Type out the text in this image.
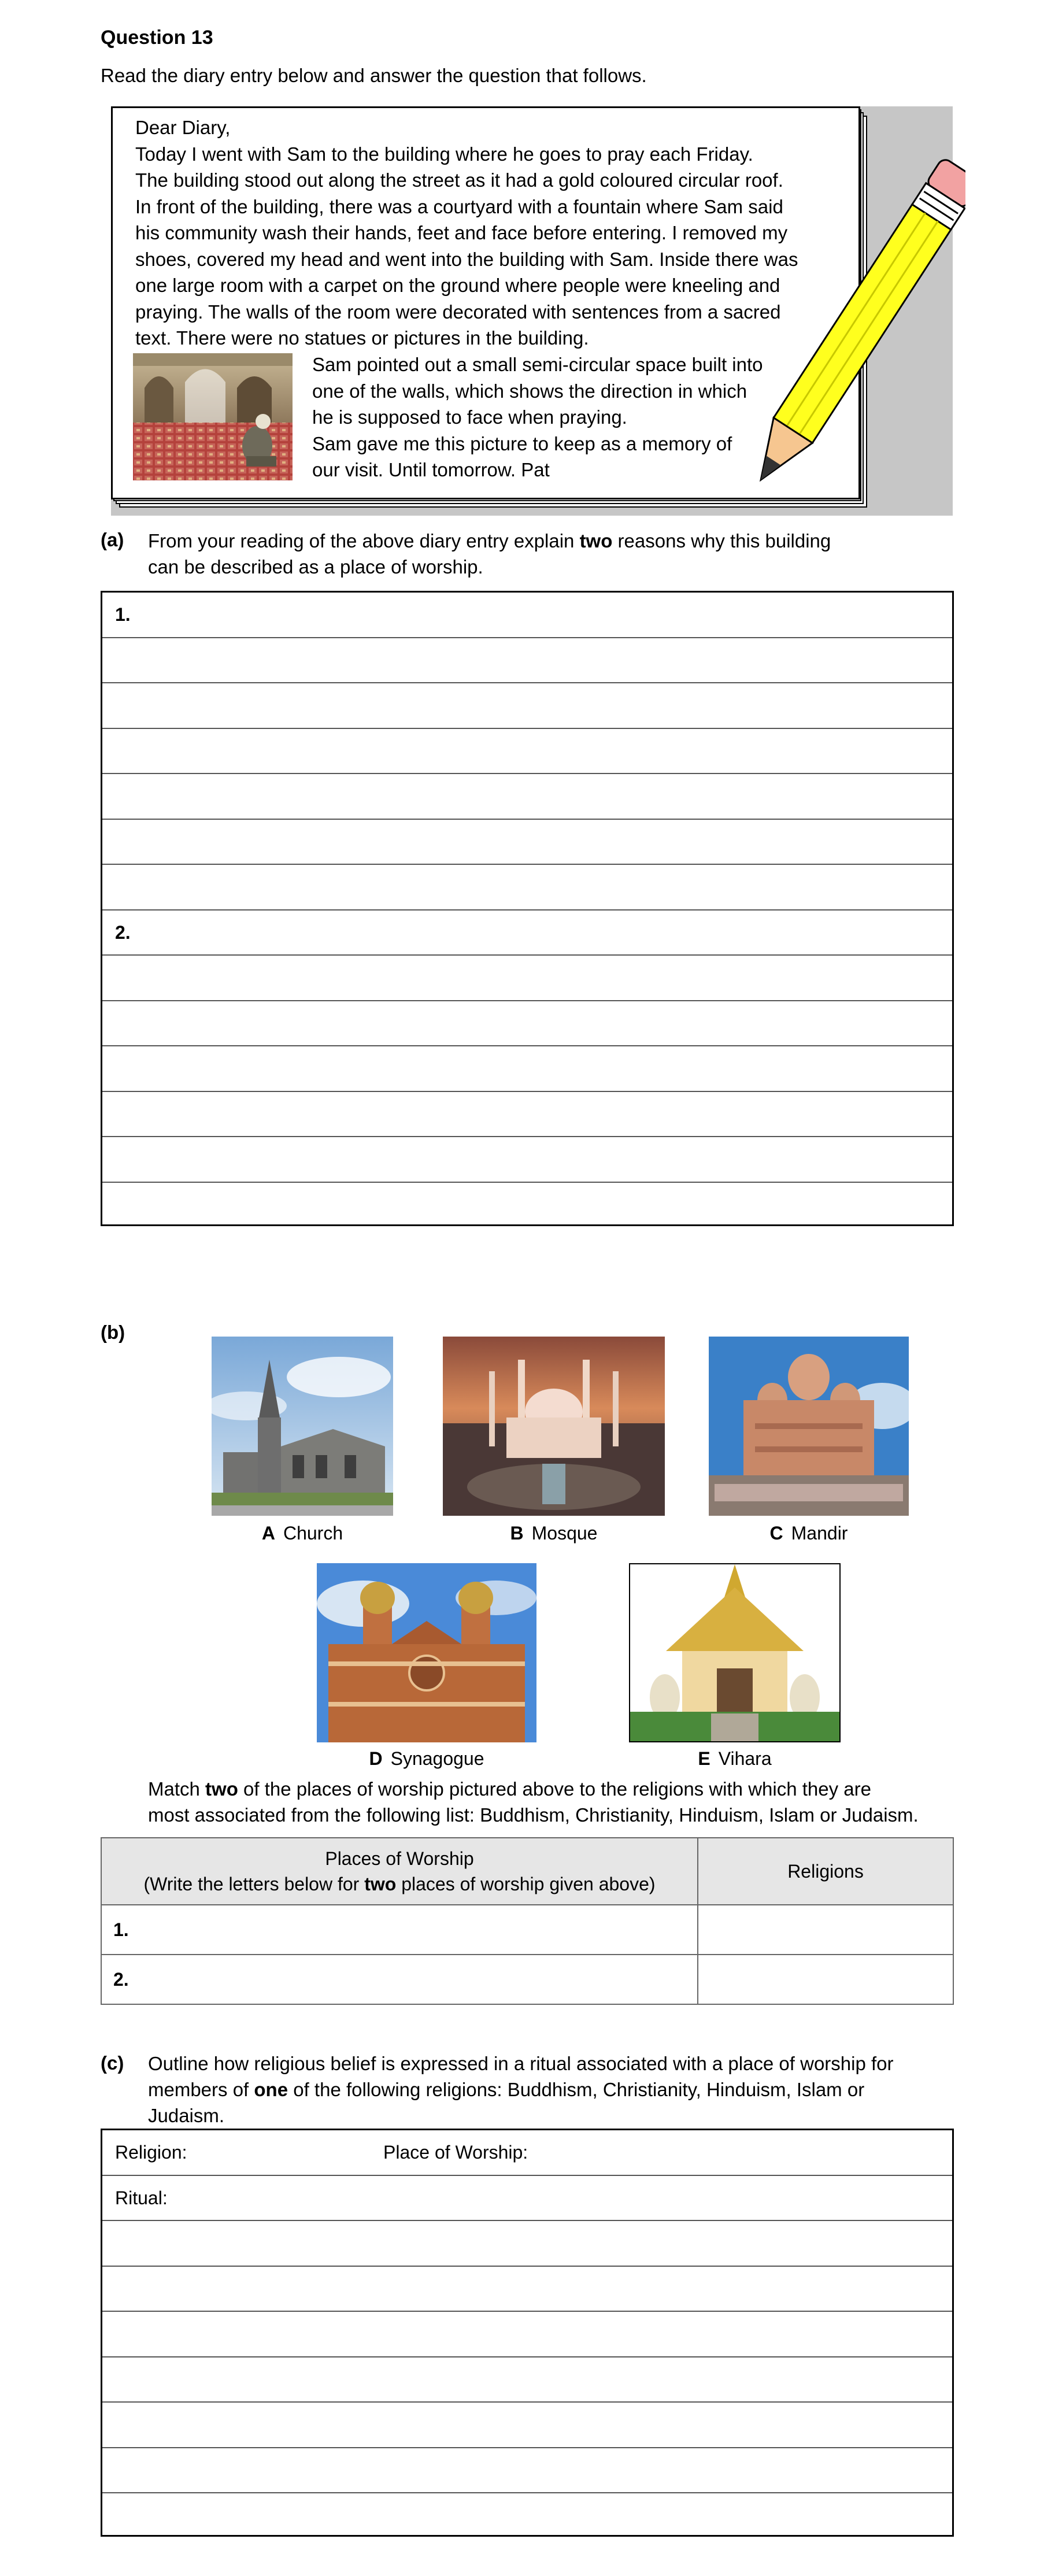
Question 13
Read the diary entry below and answer the question that follows.
Dear Diary,
Today I went with Sam to the building where he goes to pray each Friday.
The building stood out along the street as it had a gold coloured circular roof.
In front of the building, there was a courtyard with a fountain where Sam said
his community wash their hands, feet and face before entering. I removed my
shoes, covered my head and went into the building with Sam. Inside there was
one large room with a carpet on the ground where people were kneeling and
praying. The walls of the room were decorated with sentences from a sacred
text. There were no statues or pictures in the building.
Sam pointed out a small semi-circular space built into
one of the walls, which shows the direction in which
he is supposed to face when praying.
Sam gave me this picture to keep as a memory of
our visit. Until tomorrow. Pat
(a) From your reading of the above diary entry explain two reasons why this building
can be described as a place of worship.
1.
2.
(b)
A Church	B Mosque	C Mandir
D Synagogue	E Vihara
Match two of the places of worship pictured above to the religions with which they are
most associated from the following list: Buddhism, Christianity, Hinduism, Islam or Judaism.
Places of Worship
(Write the letters below for two places of worship given above)	Religions
1.	
2.	
(c) Outline how religious belief is expressed in a ritual associated with a place of worship for
members of one of the following religions: Buddhism, Christianity, Hinduism, Islam or
Judaism.
Religion:	Place of Worship:
Ritual:
